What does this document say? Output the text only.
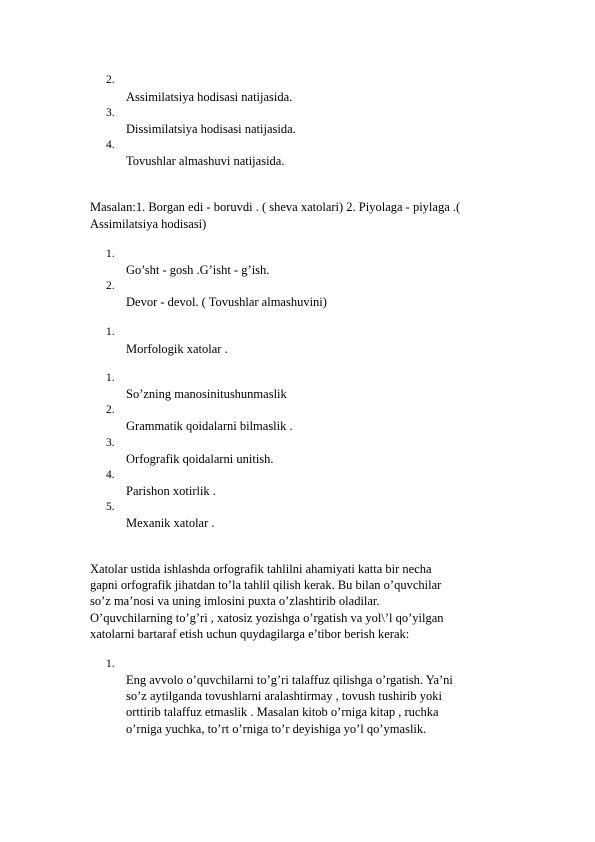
2.
Assimilatsiya hodisasi natijasida.
3.
Dissimilatsiya hodisasi natijasida.
4.
Tovushlar almashuvi natijasida.
Masalan:1. Borgan edi - boruvdi . ( sheva xatolari) 2. Piyolaga - piylaga .(
Assimilatsiya hodisasi)
1.
Go’sht - gosh .G’isht - g’ish.
2.
Devor - devol. ( Tovushlar almashuvini)
1.
Morfologik xatolar .
1.
So’zning manosinitushunmaslik
2.
Grammatik qoidalarni bilmaslik .
3.
Orfografik qoidalarni unitish.
4.
Parishon xotirlik .
5.
Mexanik xatolar .
Xatolar ustida ishlashda orfografik tahlilni ahamiyati katta bir necha
gapni orfografik jihatdan to’la tahlil qilish kerak. Bu bilan o’quvchilar
so’z ma’nosi va uning imlosini puxta o’zlashtirib oladilar.
O’quvchilarning to’g’ri , xatosiz yozishga o’rgatish va yol\’l qo’yilgan
xatolarni bartaraf etish uchun quydagilarga e’tibor berish kerak:
1.
Eng avvolo o’quvchilarni to’g’ri talaffuz qilishga o’rgatish. Ya’ni
so’z aytilganda tovushlarni aralashtirmay , tovush tushirib yoki
orttirib talaffuz etmaslik . Masalan kitob o’rniga kitap , ruchka
o’rniga yuchka, to’rt o’rniga to’r deyishiga yo’l qo’ymaslik.
